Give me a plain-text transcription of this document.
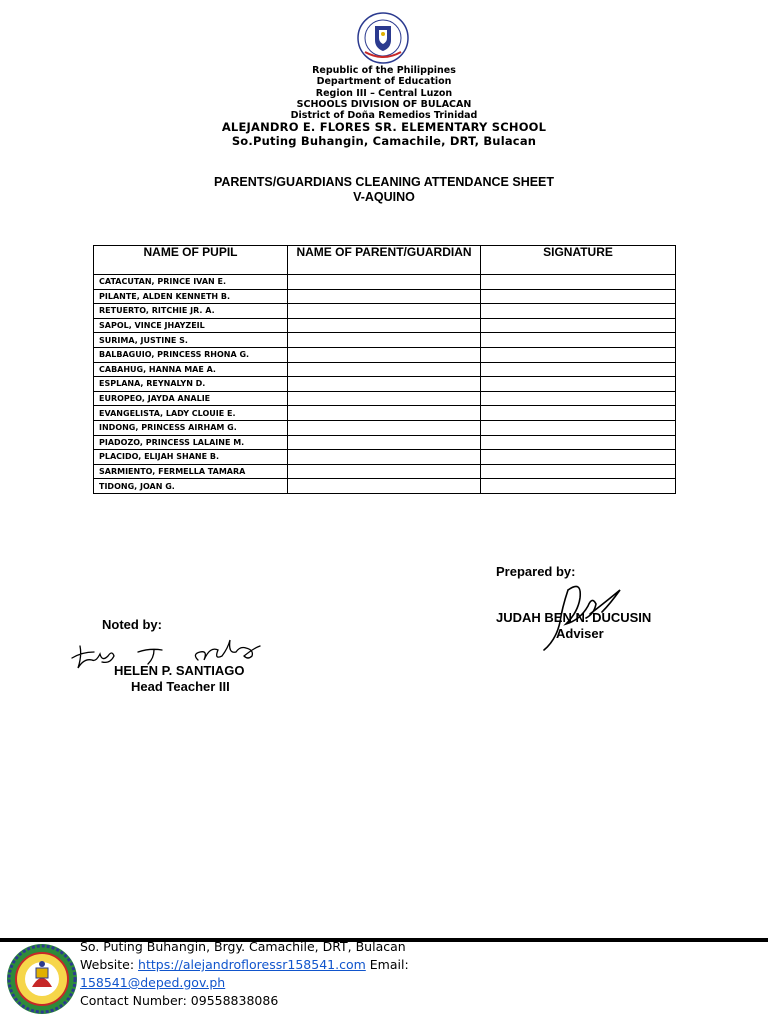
Republic of the Philippines
Department of Education
Region III – Central Luzon
SCHOOLS DIVISION OF BULACAN
District of Doña Remedios Trinidad
ALEJANDRO E. FLORES SR. ELEMENTARY SCHOOL
So.Puting Buhangin, Camachile, DRT, Bulacan
PARENTS/GUARDIANS CLEANING ATTENDANCE SHEET
V-AQUINO
NAME OF PUPIL	NAME OF PARENT/GUARDIAN	SIGNATURE
CATACUTAN, PRINCE IVAN E.		
PILANTE, ALDEN KENNETH B.		
RETUERTO, RITCHIE JR. A.		
SAPOL, VINCE JHAYZEIL		
SURIMA, JUSTINE S.		
BALBAGUIO, PRINCESS RHONA G.		
CABAHUG, HANNA MAE A.		
ESPLANA, REYNALYN D.		
EUROPEO, JAYDA ANALIE		
EVANGELISTA, LADY CLOUIE E.		
INDONG, PRINCESS AIRHAM G.		
PIADOZO, PRINCESS LALAINE M.		
PLACIDO, ELIJAH SHANE B.		
SARMIENTO, FERMELLA TAMARA		
TIDONG, JOAN G.		
Prepared by:
JUDAH BEN N. DUCUSIN
Adviser
Noted by:
HELEN P. SANTIAGO
Head Teacher III
So. Puting Buhangin, Brgy. Camachile, DRT, Bulacan
Website: https://alejandrofloressr158541.com Email:
158541@deped.gov.ph
Contact Number: 09558838086
